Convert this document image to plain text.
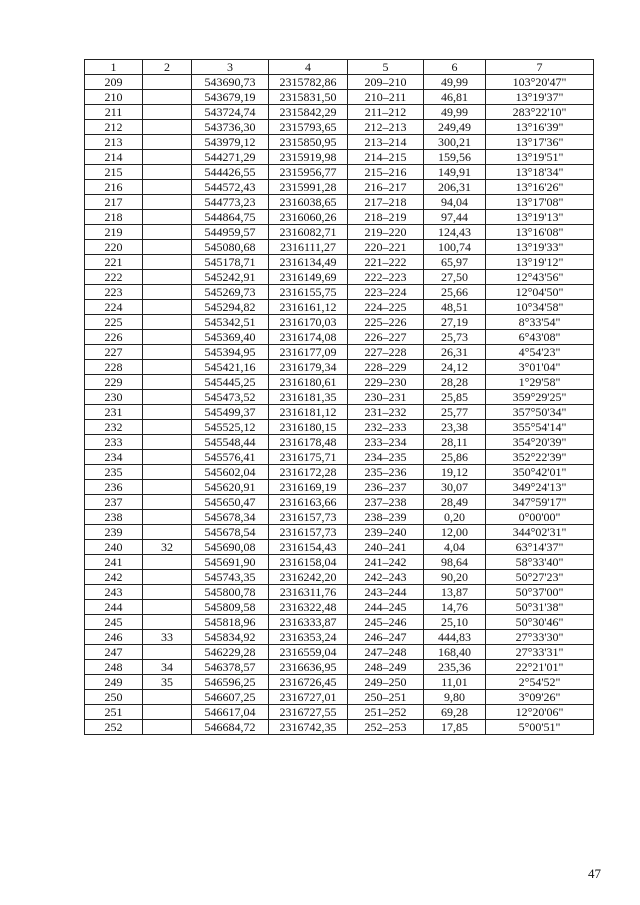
1	2	3	4	5	6	7
209		543690,73	2315782,86	209–210	49,99	103°20'47"
210		543679,19	2315831,50	210–211	46,81	13°19'37"
211		543724,74	2315842,29	211–212	49,99	283°22'10"
212		543736,30	2315793,65	212–213	249,49	13°16'39"
213		543979,12	2315850,95	213–214	300,21	13°17'36"
214		544271,29	2315919,98	214–215	159,56	13°19'51"
215		544426,55	2315956,77	215–216	149,91	13°18'34"
216		544572,43	2315991,28	216–217	206,31	13°16'26"
217		544773,23	2316038,65	217–218	94,04	13°17'08"
218		544864,75	2316060,26	218–219	97,44	13°19'13"
219		544959,57	2316082,71	219–220	124,43	13°16'08"
220		545080,68	2316111,27	220–221	100,74	13°19'33"
221		545178,71	2316134,49	221–222	65,97	13°19'12"
222		545242,91	2316149,69	222–223	27,50	12°43'56"
223		545269,73	2316155,75	223–224	25,66	12°04'50"
224		545294,82	2316161,12	224–225	48,51	10°34'58"
225		545342,51	2316170,03	225–226	27,19	8°33'54"
226		545369,40	2316174,08	226–227	25,73	6°43'08"
227		545394,95	2316177,09	227–228	26,31	4°54'23"
228		545421,16	2316179,34	228–229	24,12	3°01'04"
229		545445,25	2316180,61	229–230	28,28	1°29'58"
230		545473,52	2316181,35	230–231	25,85	359°29'25"
231		545499,37	2316181,12	231–232	25,77	357°50'34"
232		545525,12	2316180,15	232–233	23,38	355°54'14"
233		545548,44	2316178,48	233–234	28,11	354°20'39"
234		545576,41	2316175,71	234–235	25,86	352°22'39"
235		545602,04	2316172,28	235–236	19,12	350°42'01"
236		545620,91	2316169,19	236–237	30,07	349°24'13"
237		545650,47	2316163,66	237–238	28,49	347°59'17"
238		545678,34	2316157,73	238–239	0,20	0°00'00"
239		545678,54	2316157,73	239–240	12,00	344°02'31"
240	32	545690,08	2316154,43	240–241	4,04	63°14'37"
241		545691,90	2316158,04	241–242	98,64	58°33'40"
242		545743,35	2316242,20	242–243	90,20	50°27'23"
243		545800,78	2316311,76	243–244	13,87	50°37'00"
244		545809,58	2316322,48	244–245	14,76	50°31'38"
245		545818,96	2316333,87	245–246	25,10	50°30'46"
246	33	545834,92	2316353,24	246–247	444,83	27°33'30"
247		546229,28	2316559,04	247–248	168,40	27°33'31"
248	34	546378,57	2316636,95	248–249	235,36	22°21'01"
249	35	546596,25	2316726,45	249–250	11,01	2°54'52"
250		546607,25	2316727,01	250–251	9,80	3°09'26"
251		546617,04	2316727,55	251–252	69,28	12°20'06"
252		546684,72	2316742,35	252–253	17,85	5°00'51"
47
